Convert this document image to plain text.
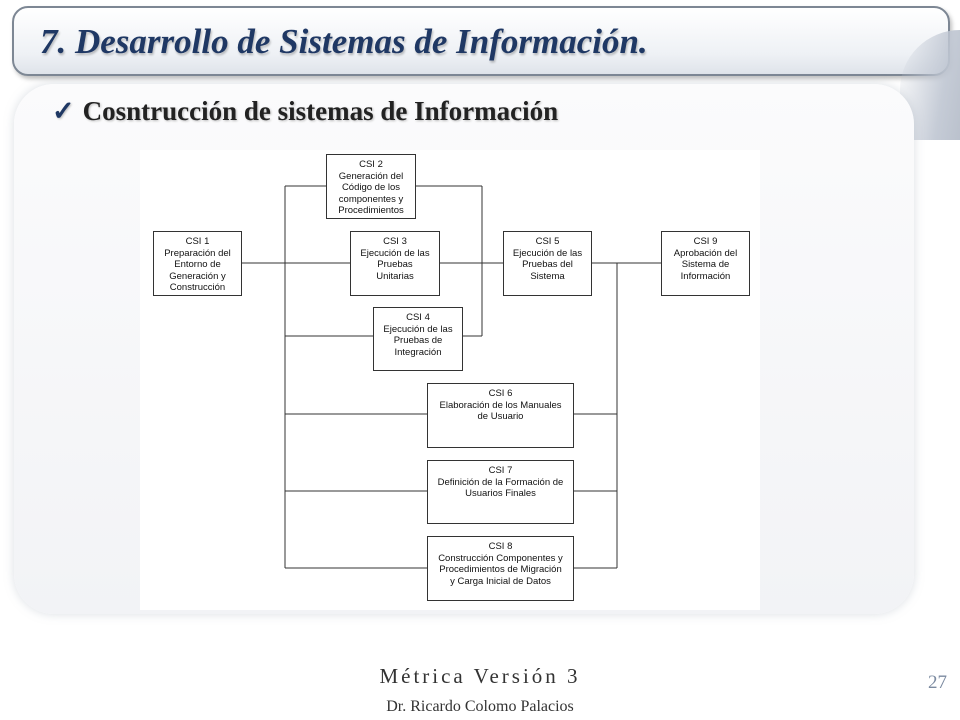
7. Desarrollo de Sistemas de Información.
✓ Cosntrucción de sistemas de Información
CSI 1
Preparación del
Entorno de
Generación y
Construcción
CSI 2
Generación del
Código de los
componentes y
Procedimientos
CSI 3
Ejecución de las
Pruebas
Unitarias
CSI 4
Ejecución de las
Pruebas de
Integración
CSI 5
Ejecución de las
Pruebas del
Sistema
CSI 6
Elaboración de los Manuales
de Usuario
CSI 7
Definición de la Formación de
Usuarios Finales
CSI 8
Construcción Componentes y
Procedimientos de Migración
y Carga Inicial de Datos
CSI 9
Aprobación del
Sistema de
Información
Métrica Versión 3
Dr. Ricardo Colomo Palacios
27
